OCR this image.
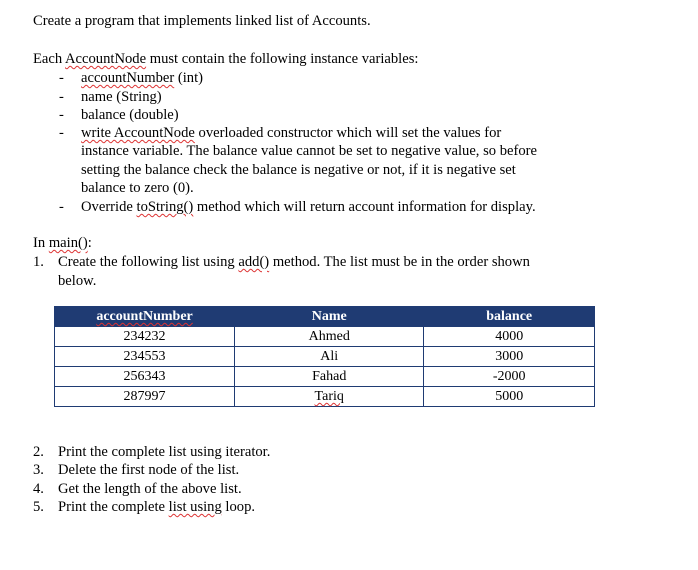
Create a program that implements linked list of Accounts.
Each AccountNode must contain the following instance variables:
- accountNumber (int)
- name (String)
- balance (double)
- write AccountNode overloaded constructor which will set the values for
instance variable. The balance value cannot be set to negative value, so before
setting the balance check the balance is negative or not, if it is negative set
balance to zero (0).
- Override toString() method which will return account information for display.
In main():
1. Create the following list using add() method. The list must be in the order shown
below.
accountNumber	Name	balance
234232	Ahmed	4000
234553	Ali	3000
256343	Fahad	-2000
287997	Tariq	5000
2. Print the complete list using iterator.
3. Delete the first node of the list.
4. Get the length of the above list.
5. Print the complete list using loop.
